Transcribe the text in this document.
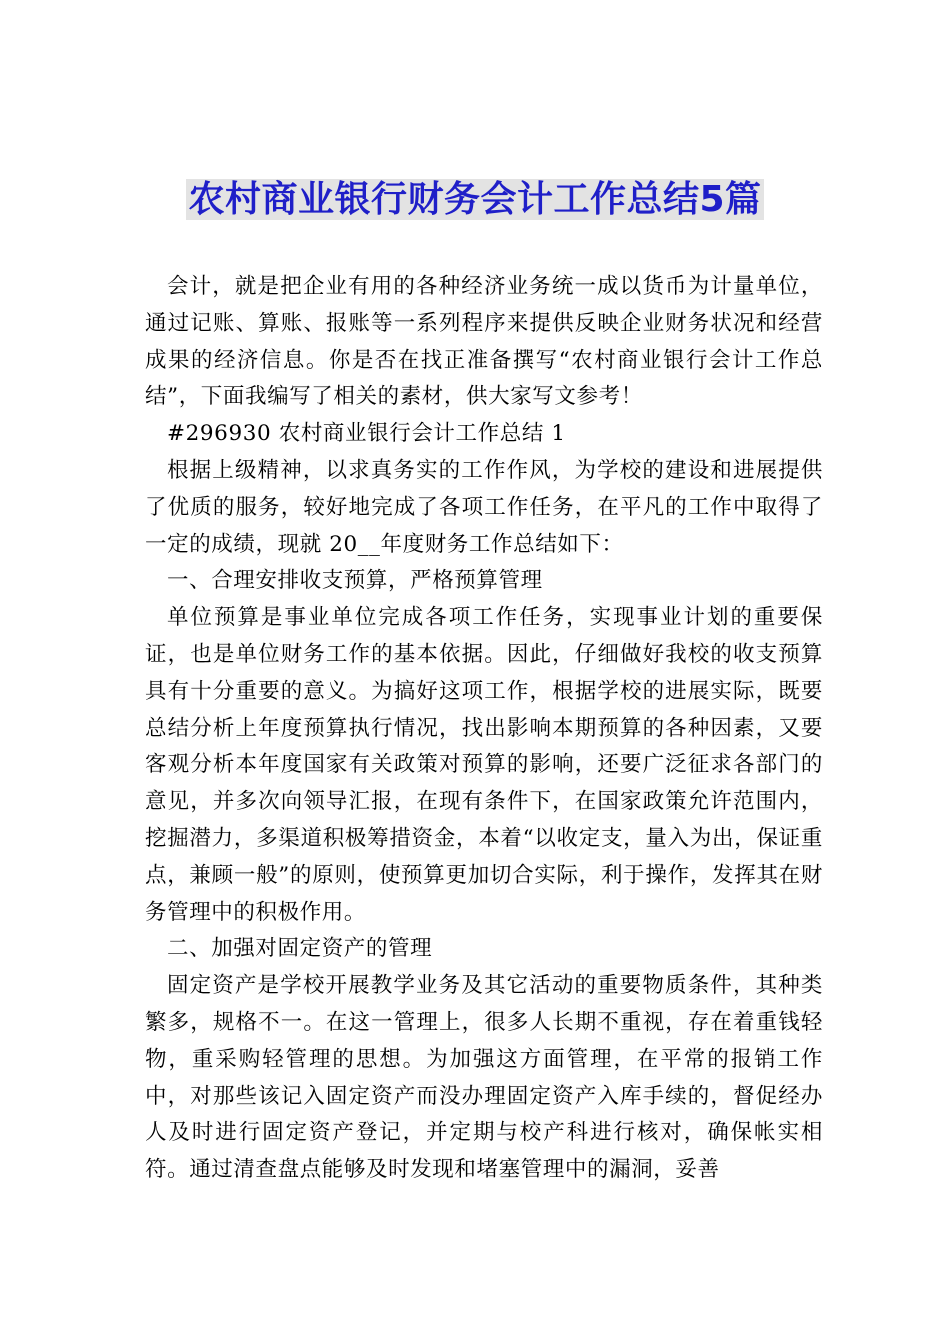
农村商业银行财务会计工作总结5篇

会计，就是把企业有用的各种经济业务统一成以货币为计量单位，通过记账、算账、报账等一系列程序来提供反映企业财务状况和经营成果的经济信息。你是否在找正准备撰写“农村商业银行会计工作总结”，下面我编写了相关的素材，供大家写文参考！

#296930 农村商业银行会计工作总结 1

根据上级精神，以求真务实的工作作风，为学校的建设和进展提供了优质的服务，较好地完成了各项工作任务，在平凡的工作中取得了一定的成绩，现就 20__年度财务工作总结如下：

一、合理安排收支预算，严格预算管理

单位预算是事业单位完成各项工作任务，实现事业计划的重要保证，也是单位财务工作的基本依据。因此，仔细做好我校的收支预算具有十分重要的意义。为搞好这项工作，根据学校的进展实际，既要总结分析上年度预算执行情况，找出影响本期预算的各种因素，又要客观分析本年度国家有关政策对预算的影响，还要广泛征求各部门的意见，并多次向领导汇报，在现有条件下，在国家政策允许范围内，挖掘潜力，多渠道积极筹措资金，本着“以收定支，量入为出，保证重点，兼顾一般”的原则，使预算更加切合实际，利于操作，发挥其在财务管理中的积极作用。

二、加强对固定资产的管理

固定资产是学校开展教学业务及其它活动的重要物质条件，其种类繁多，规格不一。在这一管理上，很多人长期不重视，存在着重钱轻物，重采购轻管理的思想。为加强这方面管理，在平常的报销工作中，对那些该记入固定资产而没办理固定资产入库手续的，督促经办人及时进行固定资产登记，并定期与校产科进行核对，确保帐实相符。通过清查盘点能够及时发现和堵塞管理中的漏洞，妥善
